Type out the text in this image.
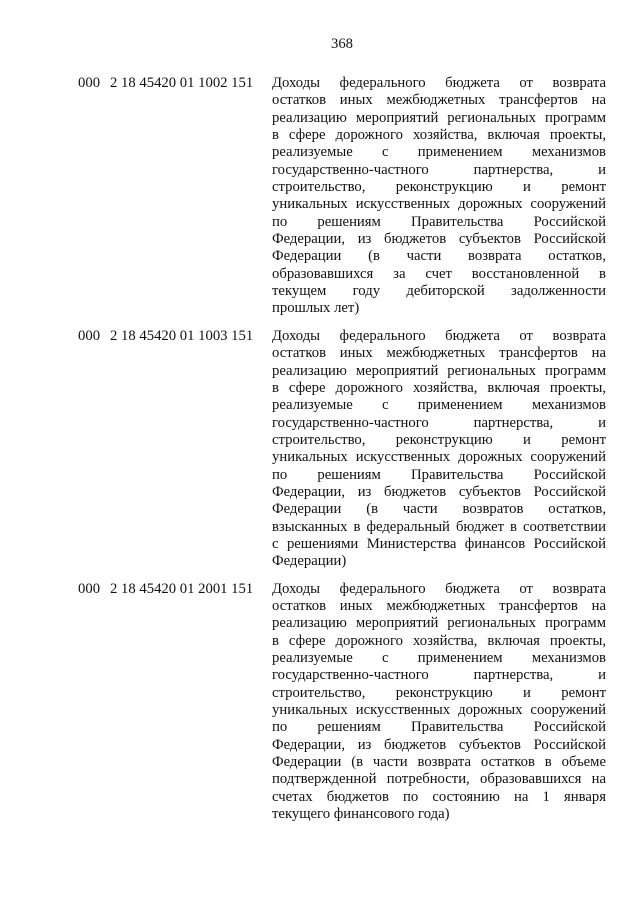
368
000 2 18 45420 01 1002 151 Доходы федерального бюджета от возврата
остатков иных межбюджетных трансфертов на
реализацию мероприятий региональных программ
в сфере дорожного хозяйства, включая проекты,
реализуемые с применением механизмов
государственно-частного партнерства, и
строительство, реконструкцию и ремонт
уникальных искусственных дорожных сооружений
по решениям Правительства Российской
Федерации, из бюджетов субъектов Российской
Федерации (в части возврата остатков,
образовавшихся за счет восстановленной в
текущем году дебиторской задолженности
прошлых лет)
000 2 18 45420 01 1003 151 Доходы федерального бюджета от возврата
остатков иных межбюджетных трансфертов на
реализацию мероприятий региональных программ
в сфере дорожного хозяйства, включая проекты,
реализуемые с применением механизмов
государственно-частного партнерства, и
строительство, реконструкцию и ремонт
уникальных искусственных дорожных сооружений
по решениям Правительства Российской
Федерации, из бюджетов субъектов Российской
Федерации (в части возвратов остатков,
взысканных в федеральный бюджет в соответствии
с решениями Министерства финансов Российской
Федерации)
000 2 18 45420 01 2001 151 Доходы федерального бюджета от возврата
остатков иных межбюджетных трансфертов на
реализацию мероприятий региональных программ
в сфере дорожного хозяйства, включая проекты,
реализуемые с применением механизмов
государственно-частного партнерства, и
строительство, реконструкцию и ремонт
уникальных искусственных дорожных сооружений
по решениям Правительства Российской
Федерации, из бюджетов субъектов Российской
Федерации (в части возврата остатков в объеме
подтвержденной потребности, образовавшихся на
счетах бюджетов по состоянию на 1 января
текущего финансового года)
